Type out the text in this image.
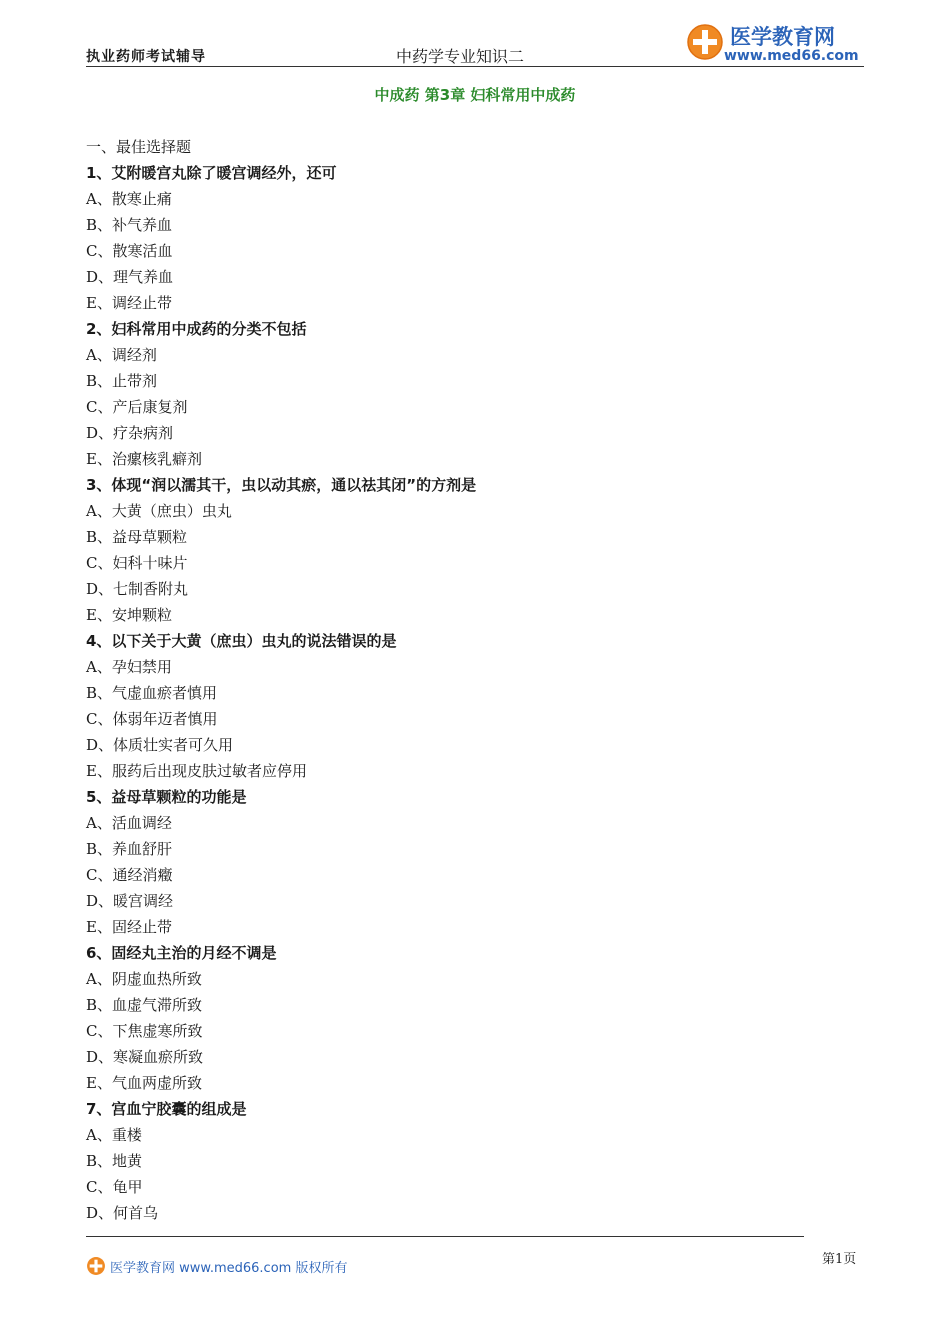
执业药师考试辅导	中药学专业知识二
医学教育网
www.med66.com
中成药 第3章 妇科常用中成药
一、最佳选择题
1、艾附暖宫丸除了暖宫调经外，还可
A、散寒止痛
B、补气养血
C、散寒活血
D、理气养血
E、调经止带
2、妇科常用中成药的分类不包括
A、调经剂
B、止带剂
C、产后康复剂
D、疗杂病剂
E、治瘰核乳癖剂
3、体现“润以濡其干，虫以动其瘀，通以祛其闭”的方剂是
A、大黄（庶虫）虫丸
B、益母草颗粒
C、妇科十味片
D、七制香附丸
E、安坤颗粒
4、以下关于大黄（庶虫）虫丸的说法错误的是
A、孕妇禁用
B、气虚血瘀者慎用
C、体弱年迈者慎用
D、体质壮实者可久用
E、服药后出现皮肤过敏者应停用
5、益母草颗粒的功能是
A、活血调经
B、养血舒肝
C、通经消癥
D、暖宫调经
E、固经止带
6、固经丸主治的月经不调是
A、阴虚血热所致
B、血虚气滞所致
C、下焦虚寒所致
D、寒凝血瘀所致
E、气血两虚所致
7、宫血宁胶囊的组成是
A、重楼
B、地黄
C、龟甲
D、何首乌
医学教育网 www.med66.com 版权所有
第1页
